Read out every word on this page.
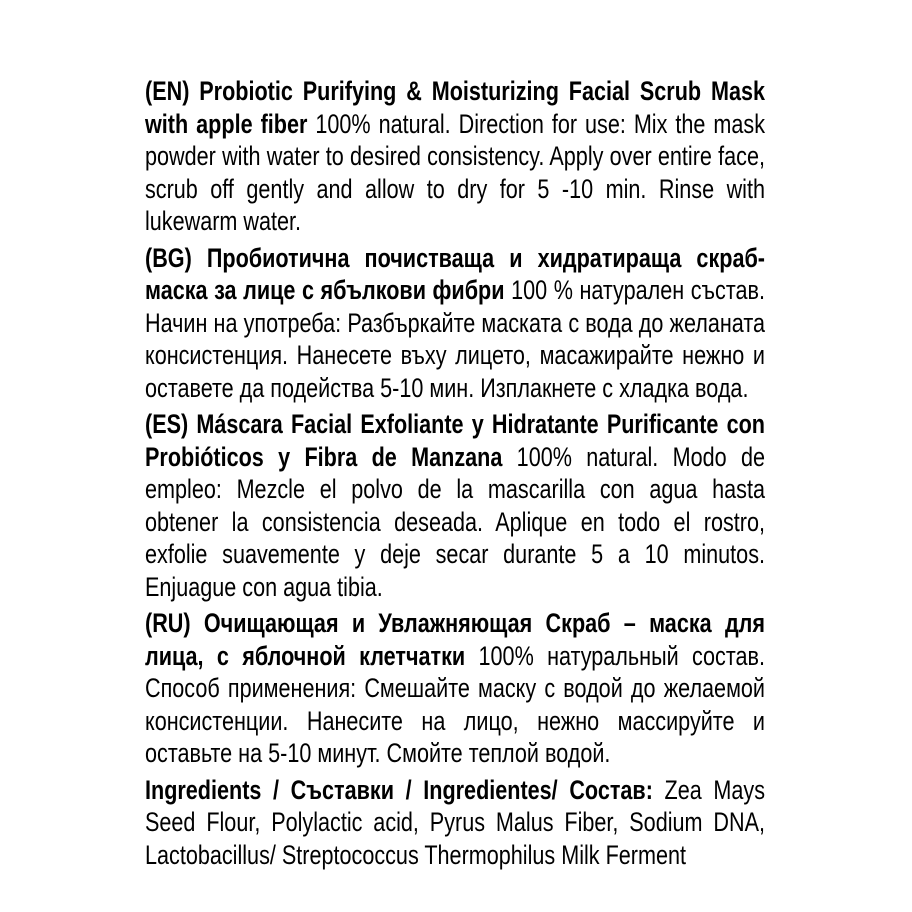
(EN) Probiotic Purifying & Moisturizing Facial Scrub Mask with apple fiber 100% natural. Direction for use: Mix the mask powder with water to desired consistency. Apply over entire face, scrub off gently and allow to dry for 5 -10 min. Rinse with lukewarm water.

(BG) Пробиотична почистваща и хидратираща скраб-маска за лице с ябълкови фибри 100 % натурален състав. Начин на употреба: Разбъркайте маската с вода до желаната консистенция. Нанесете въху лицето, масажирайте нежно и оставете да подейства 5-10 мин. Изплакнете с хладка вода.

(ES) Máscara Facial Exfoliante y Hidratante Purificante con Probióticos y Fibra de Manzana 100% natural. Modo de empleo: Mezcle el polvo de la mascarilla con agua hasta obtener la consistencia deseada. Aplique en todo el rostro, exfolie suavemente y deje secar durante 5 a 10 minutos. Enjuague con agua tibia.

(RU) Очищающая и Увлажняющая Скраб – маска для лица, с яблочной клетчатки 100% натуральный состав. Способ применения: Смешайте маску с водой до желаемой консистенции. Нанесите на лицо, нежно массируйте и оставьте на 5-10 минут. Смойте теплой водой.

Ingredients / Съставки / Ingredientes/ Состав: Zea Mays Seed Flour, Polylactic acid, Pyrus Malus Fiber, Sodium DNA, Lactobacillus/ Streptococcus Thermophilus Milk Ferment
